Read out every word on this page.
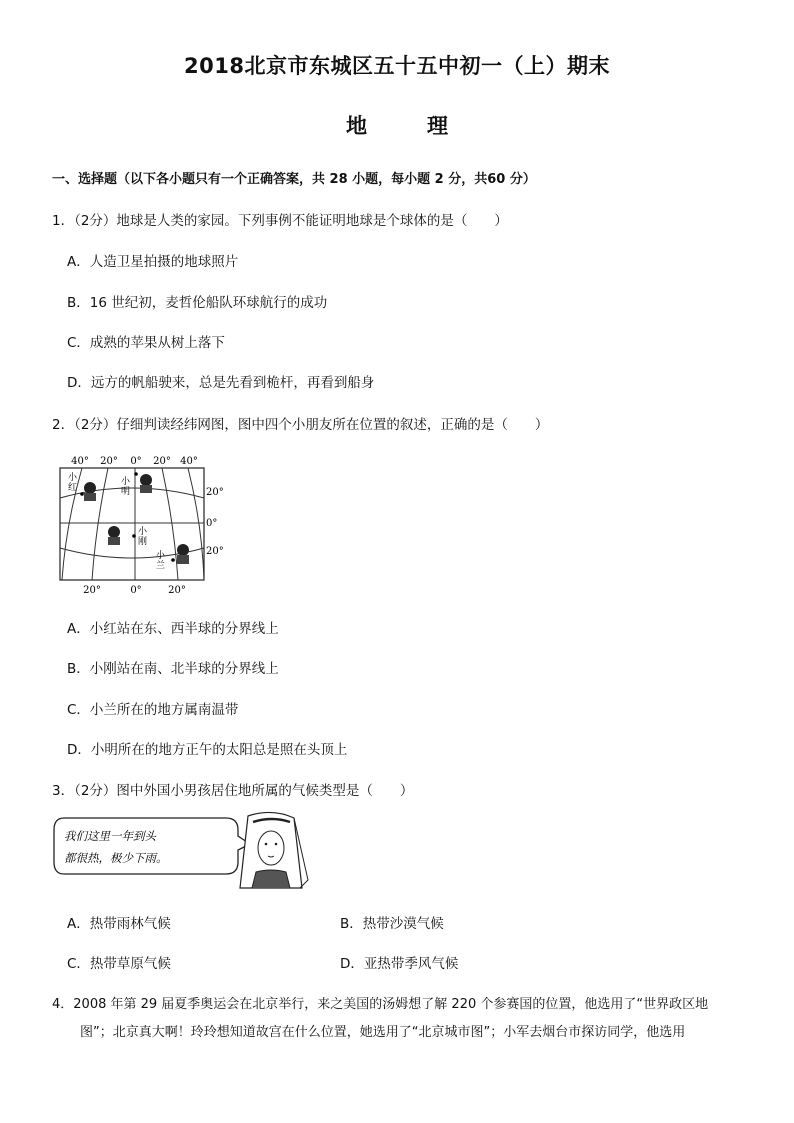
2018北京市东城区五十五中初一（上）期末
地	理
一、选择题（以下各小题只有一个正确答案，共 28 小题，每小题 2 分，共60 分）
1．（2分）地球是人类的家园。下列事例不能证明地球是个球体的是（　　）
A．人造卫星拍摄的地球照片
B．16 世纪初，麦哲伦船队环球航行的成功
C．成熟的苹果从树上落下
D．远方的帆船驶来，总是先看到桅杆，再看到船身
2．（2分）仔细判读经纬网图，图中四个小朋友所在位置的叙述，正确的是（　　）
40° 20° 0° 20° 40°
20°	0°	20°
20°
0°
20°
小
红
小
明
小
刚
小
兰
A．小红站在东、西半球的分界线上
B．小刚站在南、北半球的分界线上
C．小兰所在的地方属南温带
D．小明所在的地方正午的太阳总是照在头顶上
3．（2分）图中外国小男孩居住地所属的气候类型是（　　）
我们这里一年到头
都很热，极少下雨。
A．热带雨林气候	B．热带沙漠气候
C．热带草原气候	D．亚热带季风气候
4．2008 年第 29 届夏季奥运会在北京举行，来之美国的汤姆想了解 220 个参赛国的位置，他选用了“世界政区地
图”；北京真大啊！玲玲想知道故宫在什么位置，她选用了“北京城市图”；小军去烟台市探访同学，他选用
